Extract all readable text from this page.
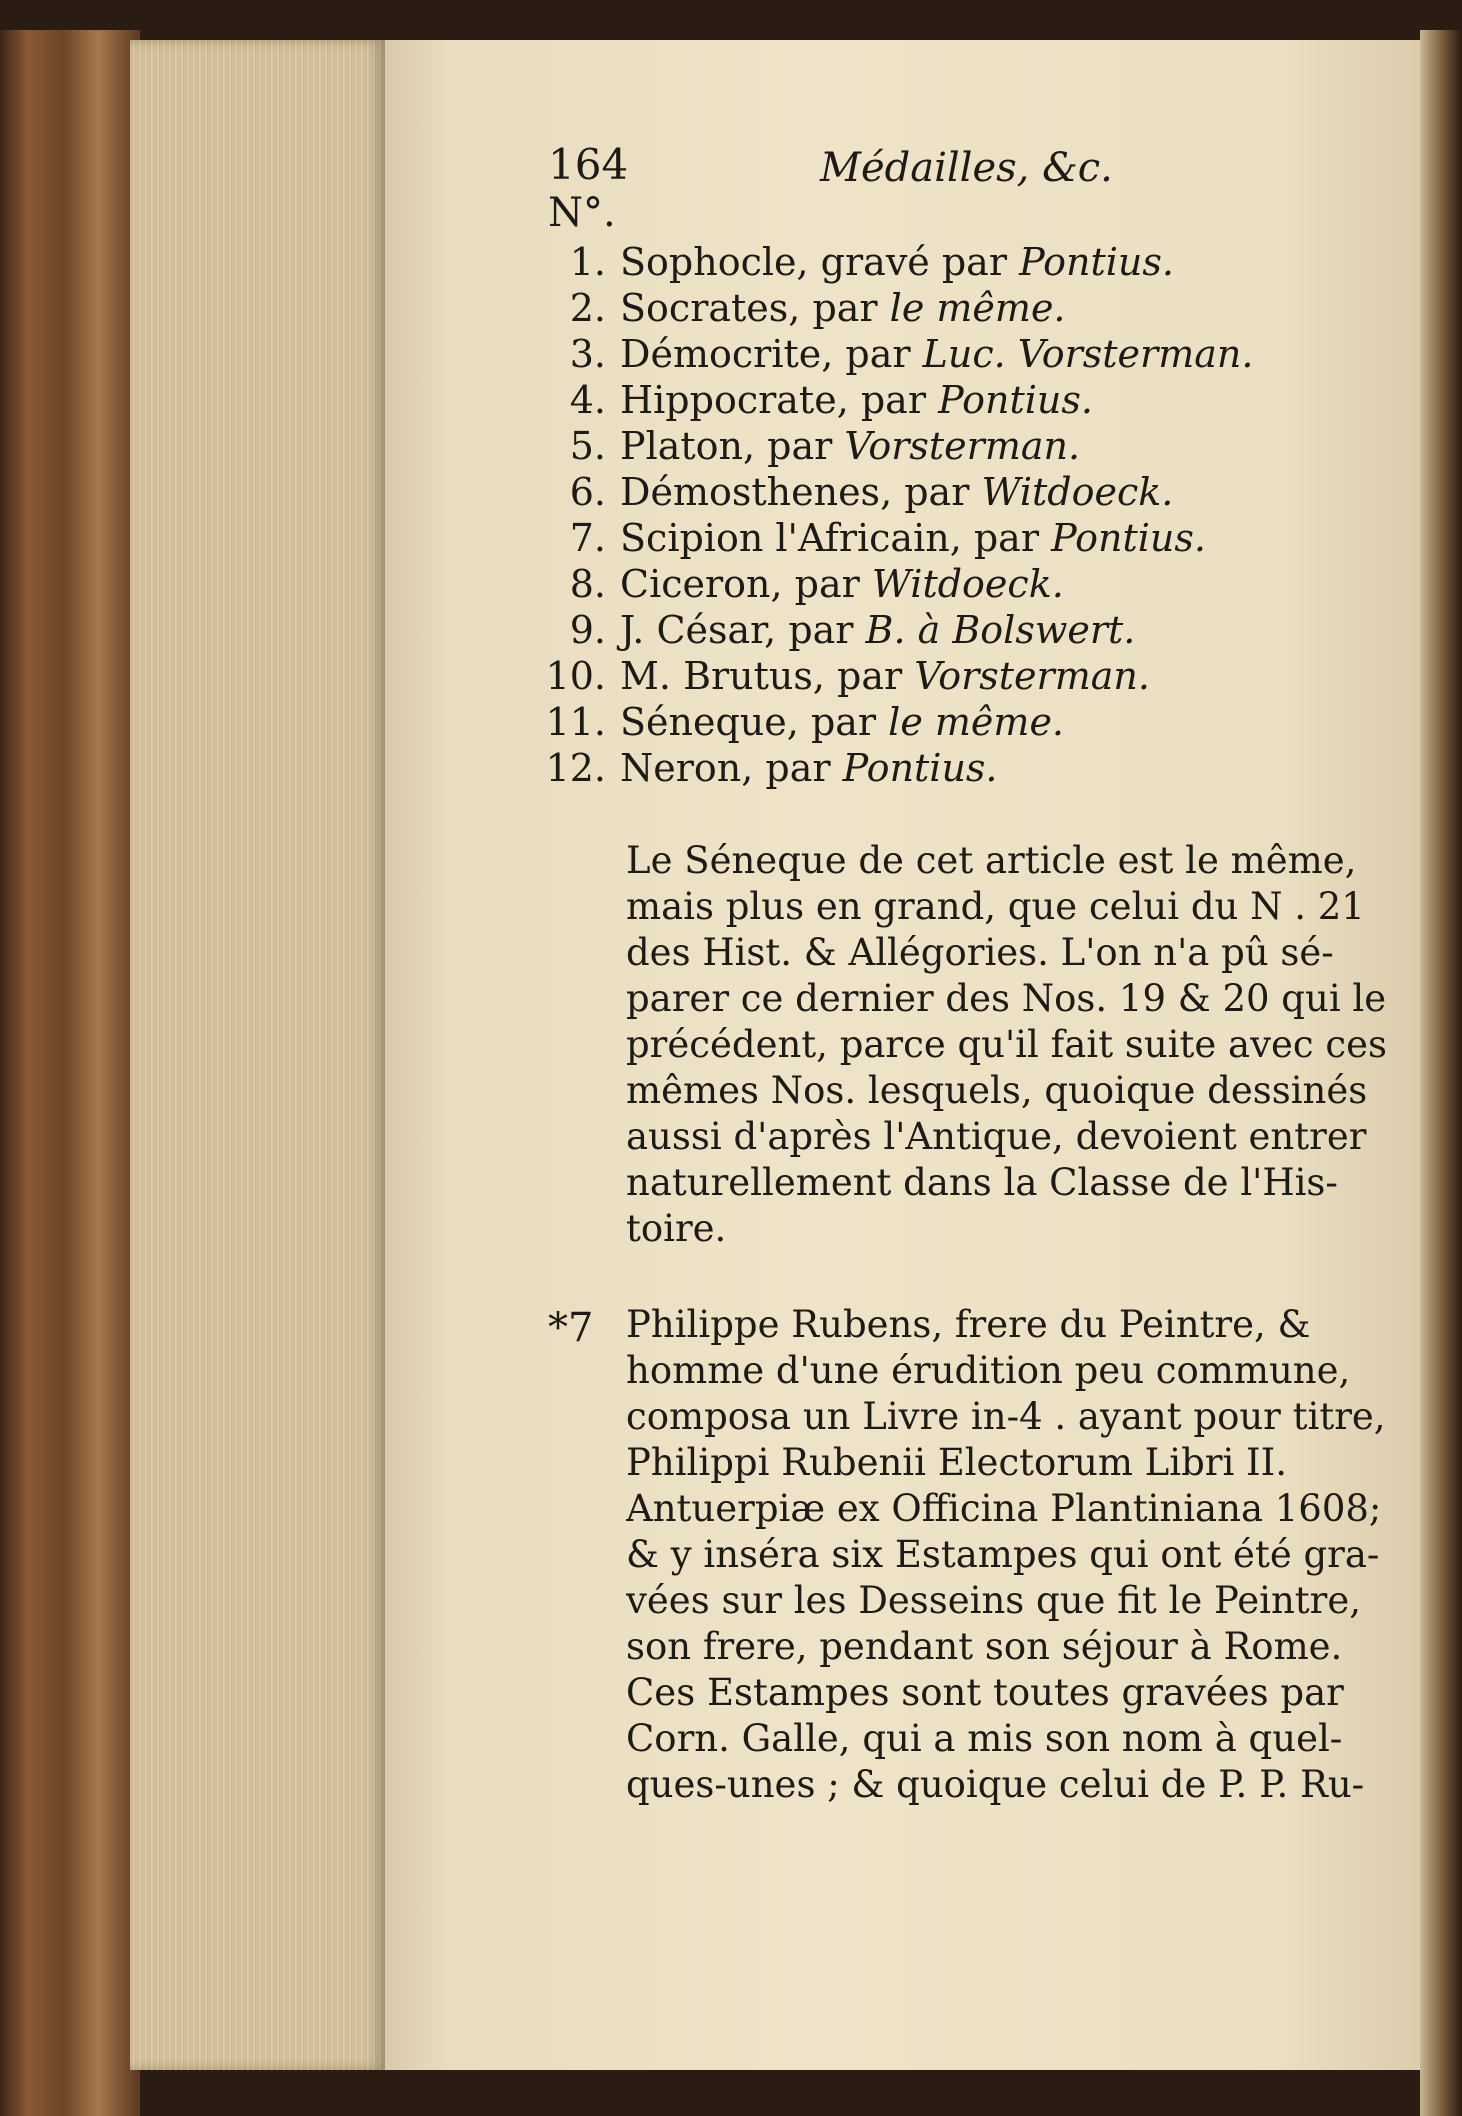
164	Médailles, &c.
N°.
1. Sophocle, gravé par Pontius.
2. Socrates, par le même.
3. Démocrite, par Luc. Vorsterman.
4. Hippocrate, par Pontius.
5. Platon, par Vorsterman.
6. Démosthenes, par Witdoeck.
7. Scipion l'Africain, par Pontius.
8. Ciceron, par Witdoeck.
9. J. César, par B. à Bolswert.
10. M. Brutus, par Vorsterman.
11. Séneque, par le même.
12. Neron, par Pontius.
Le Séneque de cet article est le même,
mais plus en grand, que celui du N . 21
des Hist. & Allégories. L'on n'a pû sé-
parer ce dernier des Nos. 19 & 20 qui le
précédent, parce qu'il fait suite avec ces
mêmes Nos. lesquels, quoique dessinés
aussi d'après l'Antique, devoient entrer
naturellement dans la Classe de l'His-
toire.
*7 Philippe Rubens, frere du Peintre, &
homme d'une érudition peu commune,
composa un Livre in-4 . ayant pour titre,
Philippi Rubenii Electorum Libri II.
Antuerpiæ ex Officina Plantiniana 1608;
& y inséra six Estampes qui ont été gra-
vées sur les Desseins que fit le Peintre,
son frere, pendant son séjour à Rome.
Ces Estampes sont toutes gravées par
Corn. Galle, qui a mis son nom à quel-
ques-unes ; & quoique celui de P. P. Ru-
